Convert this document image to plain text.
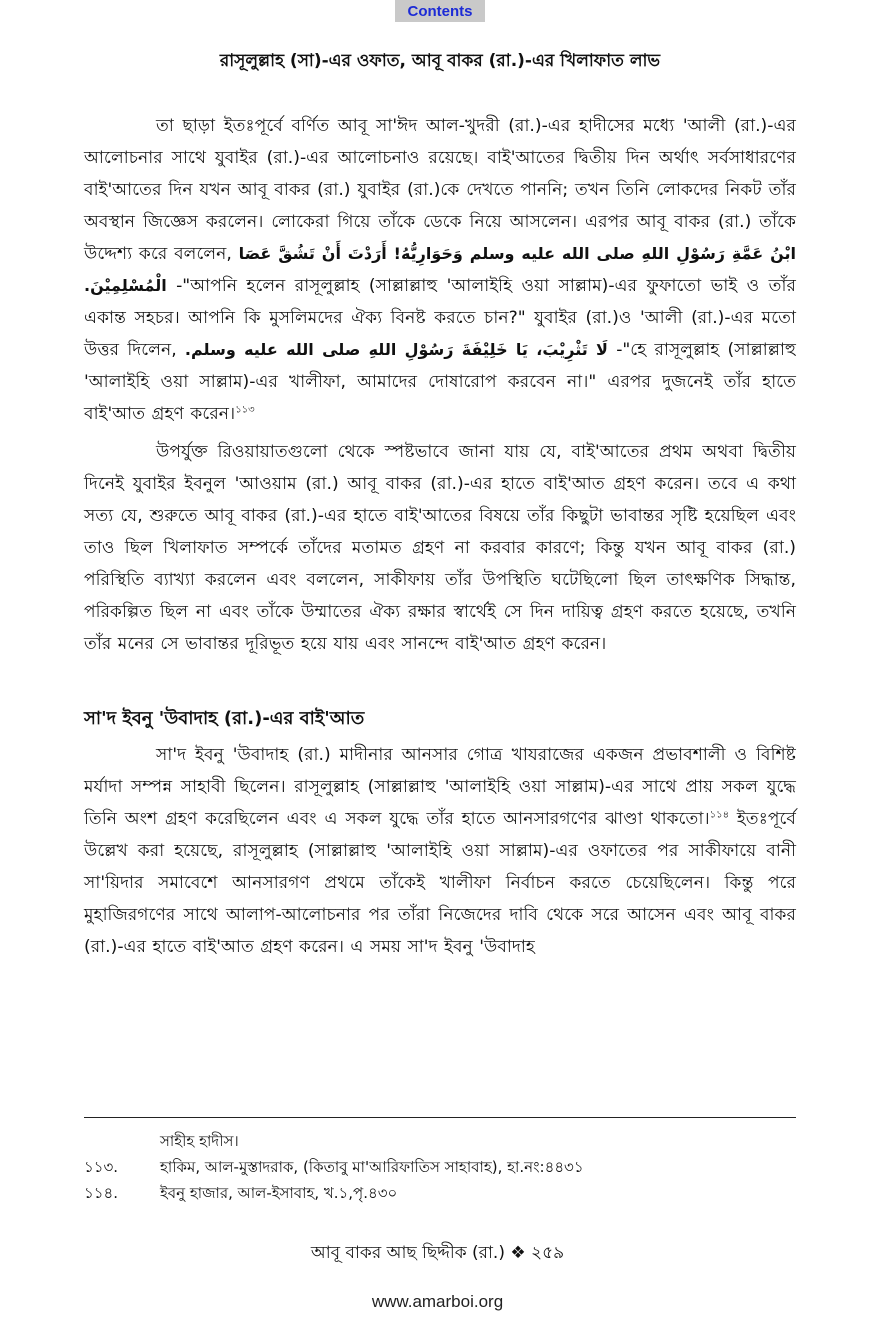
Contents
রাসূলুল্লাহ (সা)-এর ওফাত, আবূ বাকর (রা.)-এর খিলাফাত লাভ

তা ছাড়া ইতঃপূর্বে বর্ণিত আবূ সা'ঈদ আল-খুদরী (রা.)-এর হাদীসের মধ্যে 'আলী (রা.)-এর আলোচনার সাথে যুবাইর (রা.)-এর আলোচনাও রয়েছে। বাই'আতের দ্বিতীয় দিন অর্থাৎ সর্বসাধারণের বাই'আতের দিন যখন আবূ বাকর (রা.) যুবাইর (রা.)কে দেখতে পাননি; তখন তিনি লোকদের নিকট তাঁর অবস্থান জিজ্ঞেস করলেন। লোকেরা গিয়ে তাঁকে ডেকে নিয়ে আসলেন। এরপর আবূ বাকর (রা.) তাঁকে উদ্দেশ্য করে বললেন, ابْنُ عَمَّةِ رَسُوْلِ اللهِ صلى الله عليه وسلم وَحَوَارِيُّهُ! أَرَدْتَ أَنْ تَشُقَّ عَصَا الْمُسْلِمِيْنَ. -"আপনি হলেন রাসূলুল্লাহ (সাল্লাল্লাহু 'আলাইহি ওয়া সাল্লাম)-এর ফুফাতো ভাই ও তাঁর একান্ত সহচর। আপনি কি মুসলিমদের ঐক্য বিনষ্ট করতে চান?" যুবাইর (রা.)ও 'আলী (রা.)-এর মতো উত্তর দিলেন, لَا تَثْرِيْبَ، يَا خَلِيْفَةَ رَسُوْلِ اللهِ صلى الله عليه وسلم. -"হে রাসূলুল্লাহ (সাল্লাল্লাহু 'আলাইহি ওয়া সাল্লাম)-এর খালীফা, আমাদের দোষারোপ করবেন না।" এরপর দুজনেই তাঁর হাতে বাই'আত গ্রহণ করেন।$^{১১৩}$

উপর্যুক্ত রিওয়ায়াতগুলো থেকে স্পষ্টভাবে জানা যায় যে, বাই'আতের প্রথম অথবা দ্বিতীয় দিনেই যুবাইর ইবনুল 'আওয়াম (রা.) আবূ বাকর (রা.)-এর হাতে বাই'আত গ্রহণ করেন। তবে এ কথা সত্য যে, শুরুতে আবূ বাকর (রা.)-এর হাতে বাই'আতের বিষয়ে তাঁর কিছুটা ভাবান্তর সৃষ্টি হয়েছিল এবং তাও ছিল খিলাফাত সম্পর্কে তাঁদের মতামত গ্রহণ না করবার কারণে; কিন্তু যখন আবূ বাকর (রা.) পরিস্থিতি ব্যাখ্যা করলেন এবং বললেন, সাকীফায় তাঁর উপস্থিতি ঘটেছিলো ছিল তাৎক্ষণিক সিদ্ধান্ত, পরিকল্পিত ছিল না এবং তাঁকে উম্মাতের ঐক্য রক্ষার স্বার্থেই সে দিন দায়িত্ব গ্রহণ করতে হয়েছে, তখনি তাঁর মনের সে ভাবান্তর দূরিভূত হয়ে যায় এবং সানন্দে বাই'আত গ্রহণ করেন।

সা'দ ইবনু 'উবাদাহ (রা.)-এর বাই'আত

সা'দ ইবনু 'উবাদাহ (রা.) মাদীনার আনসার গোত্র খাযরাজের একজন প্রভাবশালী ও বিশিষ্ট মর্যাদা সম্পন্ন সাহাবী ছিলেন। রাসূলুল্লাহ (সাল্লাল্লাহু 'আলাইহি ওয়া সাল্লাম)-এর সাথে প্রায় সকল যুদ্ধে তিনি অংশ গ্রহণ করেছিলেন এবং এ সকল যুদ্ধে তাঁর হাতে আনসারগণের ঝাণ্ডা থাকতো।$^{১১৪}$ ইতঃপূর্বে উল্লেখ করা হয়েছে, রাসূলুল্লাহ (সাল্লাল্লাহু 'আলাইহি ওয়া সাল্লাম)-এর ওফাতের পর সাকীফায়ে বানী সা'য়িদার সমাবেশে আনসারগণ প্রথমে তাঁকেই খালীফা নির্বাচন করতে চেয়েছিলেন। কিন্তু পরে মুহাজিরগণের সাথে আলাপ-আলোচনার পর তাঁরা নিজেদের দাবি থেকে সরে আসেন এবং আবূ বাকর (রা.)-এর হাতে বাই'আত গ্রহণ করেন। এ সময় সা'দ ইবনু 'উবাদাহ

সাহীহ হাদীস।
১১৩.	হাকিম, আল-মুস্তাদরাক, (কিতাবু মা'আরিফাতিস সাহাবাহ), হা.নং:৪৪৩১
১১৪.	ইবনু হাজার, আল-ইসাবাহ, খ.১,পৃ.৪৩০
আবূ বাকর আছ ছিদ্দীক (রা.) ❖ ২৫৯
www.amarboi.org
